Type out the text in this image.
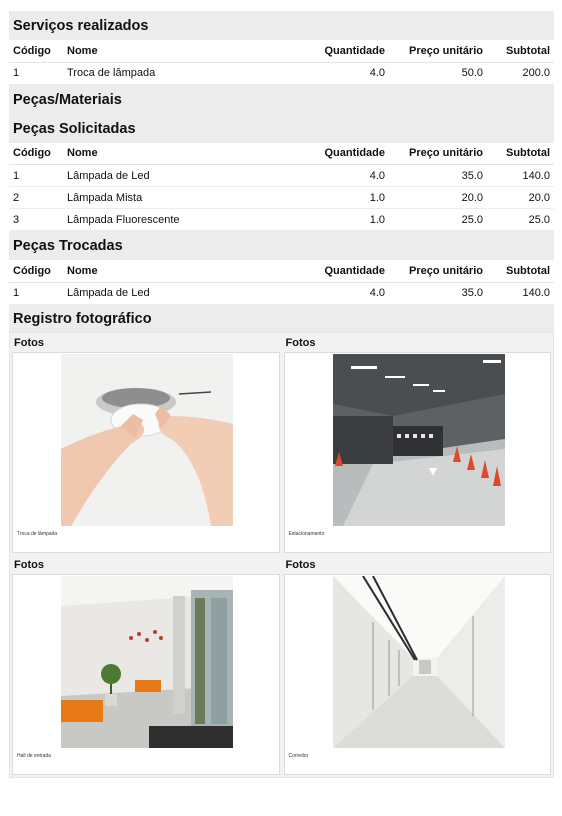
Serviços realizados
Código	Nome	Quantidade	Preço unitário	Subtotal
1	Troca de lâmpada	4.0	50.0	200.0
Peças/Materiais
Peças Solicitadas
Código	Nome	Quantidade	Preço unitário	Subtotal
1	Lâmpada de Led	4.0	35.0	140.0
2	Lâmpada Mista	1.0	20.0	20.0
3	Lâmpada Fluorescente	1.0	25.0	25.0
Peças Trocadas
Código	Nome	Quantidade	Preço unitário	Subtotal
1	Lâmpada de Led	4.0	35.0	140.0
Registro fotográfico
Fotos
Troca de lâmpada
Fotos
Estacionamento
Fotos
Hall de entrada
Fotos
Corredor
